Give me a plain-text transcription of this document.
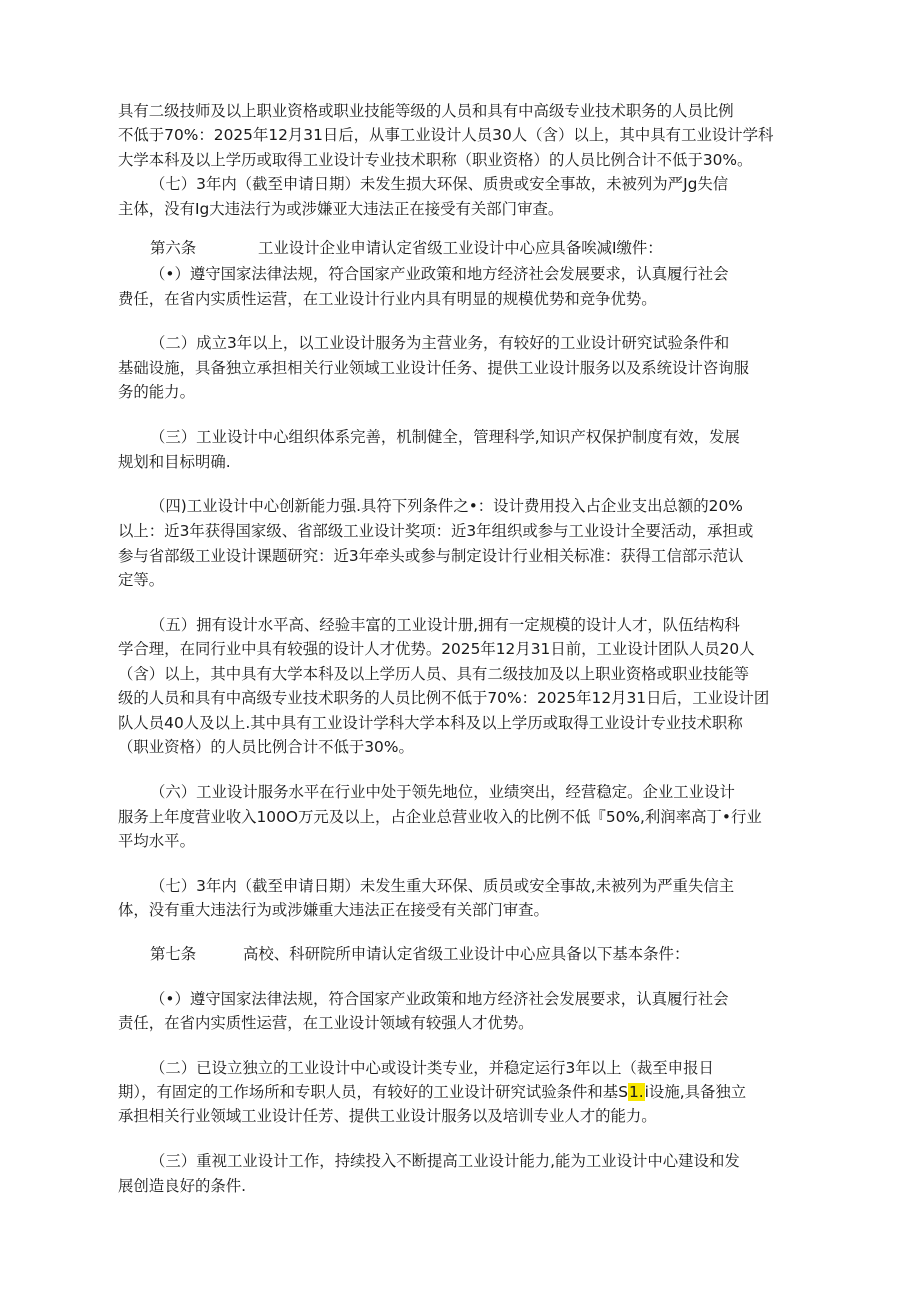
具有二级技师及以上职业资格或职业技能等级的人员和具有中高级专业技术职务的人员比例
不低于70%：2025年12月31日后，从事工业设计人员30人（含）以上，其中具有工业设计学科
大学本科及以上学历或取得工业设计专业技术职称（职业资格）的人员比例合计不低于30%。
（七）3年内（截至申请日期）未发生损大环保、质贵或安全事故，未被列为严Jg失信
主体，没有Ig大违法行为或涉嫌亚大违法正在接受有关部门审查。
第六条	工业设计企业申请认定省级工业设计中心应具备唉减I缴件：
（•）遵守国家法律法规，符合国家产业政策和地方经济社会发展要求，认真履行社会
费任，在省内实质性运营，在工业设计行业内具有明显的规模优势和竞争优势。
（二）成立3年以上，以工业设计服务为主营业务，有较好的工业设计研究试验条件和
基础设施，具备独立承担相关行业领域工业设计任务、提供工业设计服务以及系统设计咨询服
务的能力。
（三）工业设计中心组织体系完善，机制健全，管理科学,知识产权保护制度有效，发展
规划和目标明确.
（四)工业设计中心创新能力强.具符下列条件之•：设计费用投入占企业支出总额的20%
以上：近3年获得国家级、省部级工业设计奖项：近3年组织或参与工业设计全要活动，承担或
参与省部级工业设计课题研究：近3年牵头或参与制定设计行业相关标准：获得工信部示范认
定等。
（五）拥有设计水平高、经验丰富的工业设计册,拥有一定规模的设计人才，队伍结构科
学合理，在同行业中具有较强的设计人才优势。2025年12月31日前，工业设计团队人员20人
（含）以上，其中具有大学本科及以上学历人员、具有二级技加及以上职业资格或职业技能等
级的人员和具有中高级专业技术职务的人员比例不低于70%：2025年12月31日后，工业设计团
队人员40人及以上.其中具有工业设计学科大学本科及以上学历或取得工业设计专业技术职称
（职业资格）的人员比例合计不低于30%。
（六）工业设计服务水平在行业中处于领先地位，业绩突出，经营稳定。企业工业设计
服务上年度营业收入100O万元及以上，占企业总营业收入的比例不低『50%,利润率高丁•行业
平均水平。
（七）3年内（截至申请日期）未发生重大环保、质员或安全事故,未被列为严重失信主
体，没有重大违法行为或涉嫌重大违法正在接受有关部门审查。
第七条	高校、科研院所申请认定省级工业设计中心应具备以下基本条件：
（•）遵守国家法律法规，符合国家产业政策和地方经济社会发展要求，认真履行社会
责任，在省内实质性运营，在工业设计领域有较强人才优势。
（二）已设立独立的工业设计中心或设计类专业，并稳定运行3年以上（裁至申报日
期），有固定的工作场所和专职人员，有较好的工业设计研究试验条件和基S1.i设施,具备独立
承担相关行业领域工业设计任芳、提供工业设计服务以及培训专业人才的能力。
（三）重视工业设计工作，持续投入不断提高工业设计能力,能为工业设计中心建设和发
展创造良好的条件.
